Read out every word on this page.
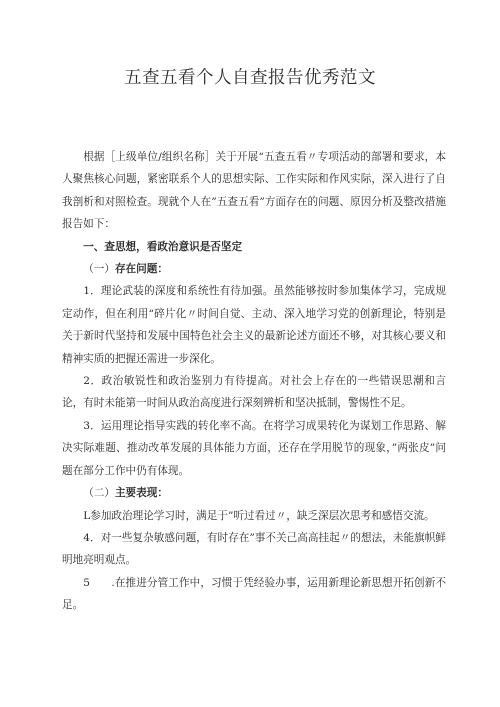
五查五看个人自查报告优秀范文

根据［上级单位/组织名称］关于开展“五查五看〃专项活动的部署和要求，本人聚焦核心问题，紧密联系个人的思想实际、工作实际和作风实际，深入进行了自我剖析和对照检查。现就个人在”五查五看”方面存在的问题、原因分析及整改措施报告如下：

一、查思想，看政治意识是否坚定

（一）存在问题：

1．理论武装的深度和系统性有待加强。虽然能够按时参加集体学习，完成规定动作，但在利用“碎片化〃时间自觉、主动、深入地学习党的创新理论，特别是关于新时代坚持和发展中国特色社会主义的最新论述方面还不够，对其核心要义和精神实质的把握还需进一步深化。

2．政治敏锐性和政治鉴别力有待提高。对社会上存在的一些错误思潮和言论，有时未能第一时间从政治高度进行深刻辨析和坚决抵制，警惕性不足。

3．运用理论指导实践的转化率不高。在将学习成果转化为谋划工作思路、解决实际难题、推动改革发展的具体能力方面，还存在学用脱节的现象，”两张皮”问题在部分工作中仍有体现。

（二）主要表现：

L参加政治理论学习时，满足于”听过看过〃，缺乏深层次思考和感悟交流。

4．对一些复杂敏感问题，有时存在”事不关己高高挂起〃的想法，未能旗帜鲜明地亮明观点。

5　　.在推进分管工作中，习惯于凭经验办事，运用新理论新思想开拓创新不足。
